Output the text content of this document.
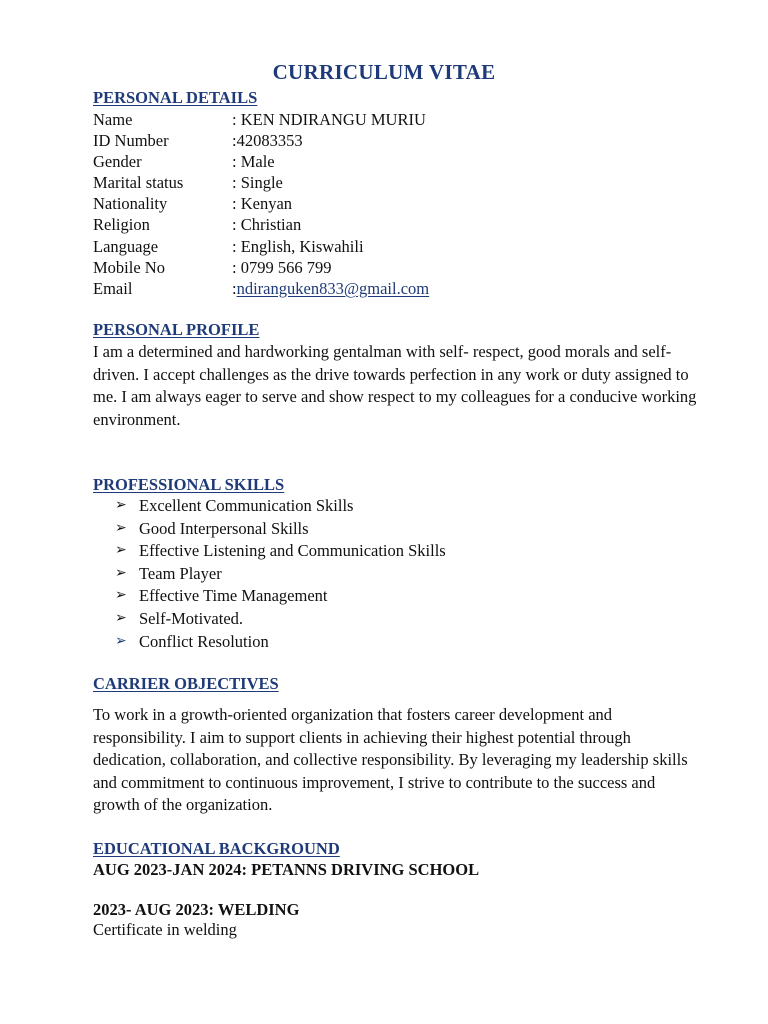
CURRICULUM VITAE
PERSONAL DETAILS
Name	: KEN NDIRANGU MURIU
ID Number	:42083353
Gender	: Male
Marital status	: Single
Nationality	: Kenyan
Religion	: Christian
Language	: English, Kiswahili
Mobile No	: 0799 566 799
Email	:ndiranguken833@gmail.com
PERSONAL PROFILE
I am a determined and hardworking gentalman with self- respect, good morals and self-driven. I accept challenges as the drive towards perfection in any work or duty assigned to me. I am always eager to serve and show respect to my colleagues for a conducive working environment.
PROFESSIONAL SKILLS
➢ Excellent Communication Skills
➢ Good Interpersonal Skills
➢ Effective Listening and Communication Skills
➢ Team Player
➢ Effective Time Management
➢ Self-Motivated.
➢ Conflict Resolution
CARRIER OBJECTIVES
To work in a growth-oriented organization that fosters career development and responsibility. I aim to support clients in achieving their highest potential through dedication, collaboration, and collective responsibility. By leveraging my leadership skills and commitment to continuous improvement, I strive to contribute to the success and growth of the organization.
EDUCATIONAL BACKGROUND
AUG 2023-JAN 2024: PETANNS DRIVING SCHOOL
2023- AUG 2023: WELDING
Certificate in welding
